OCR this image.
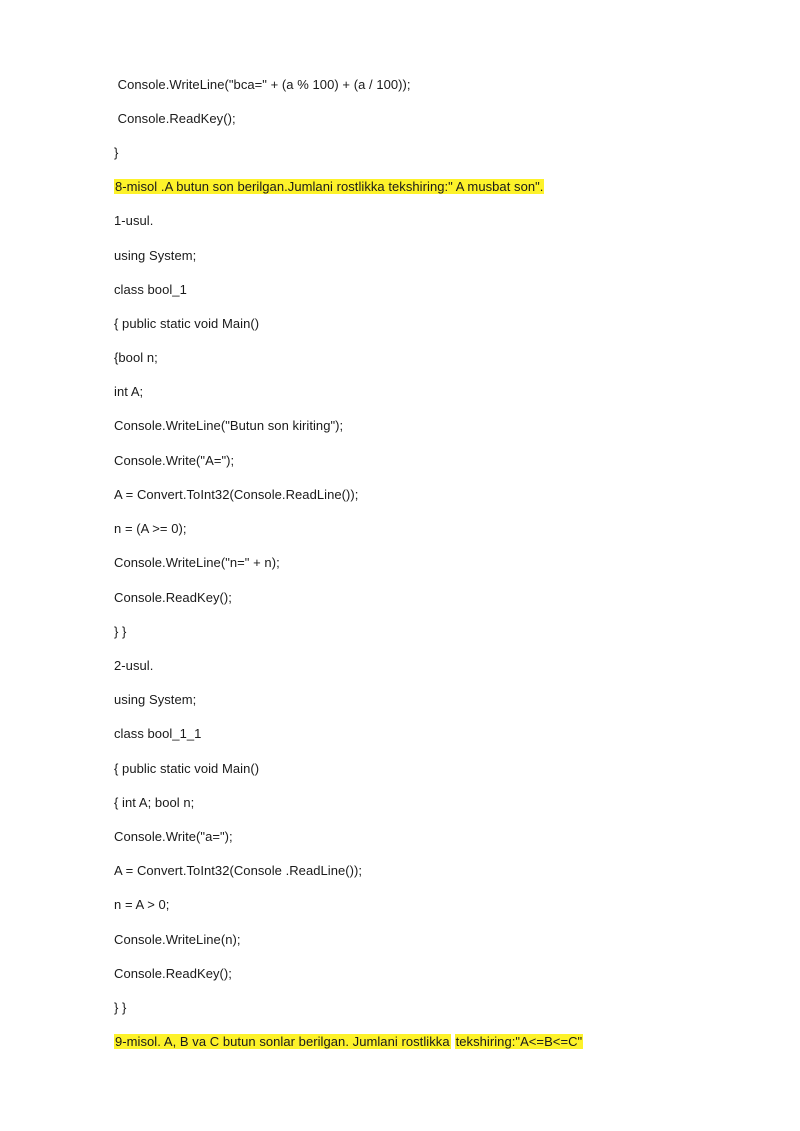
Console.WriteLine("bca=" + (a % 100) + (a / 100));
Console.ReadKey();
}
8-misol .A butun son berilgan.Jumlani rostlikka tekshiring:" A musbat son".
1-usul.
using System;
class bool_1
{ public static void Main()
{bool n;
int A;
Console.WriteLine("Butun son kiriting");
Console.Write("A=");
A = Convert.ToInt32(Console.ReadLine());
n = (A >= 0);
Console.WriteLine("n=" + n);
Console.ReadKey();
} }
2-usul.
using System;
class bool_1_1
{ public static void Main()
{ int A; bool n;
Console.Write("a=");
A = Convert.ToInt32(Console .ReadLine());
n = A > 0;
Console.WriteLine(n);
Console.ReadKey();
} }
9-misol. A, B va C butun sonlar berilgan. Jumlani rostlikka tekshiring:"A<=B<=C"
